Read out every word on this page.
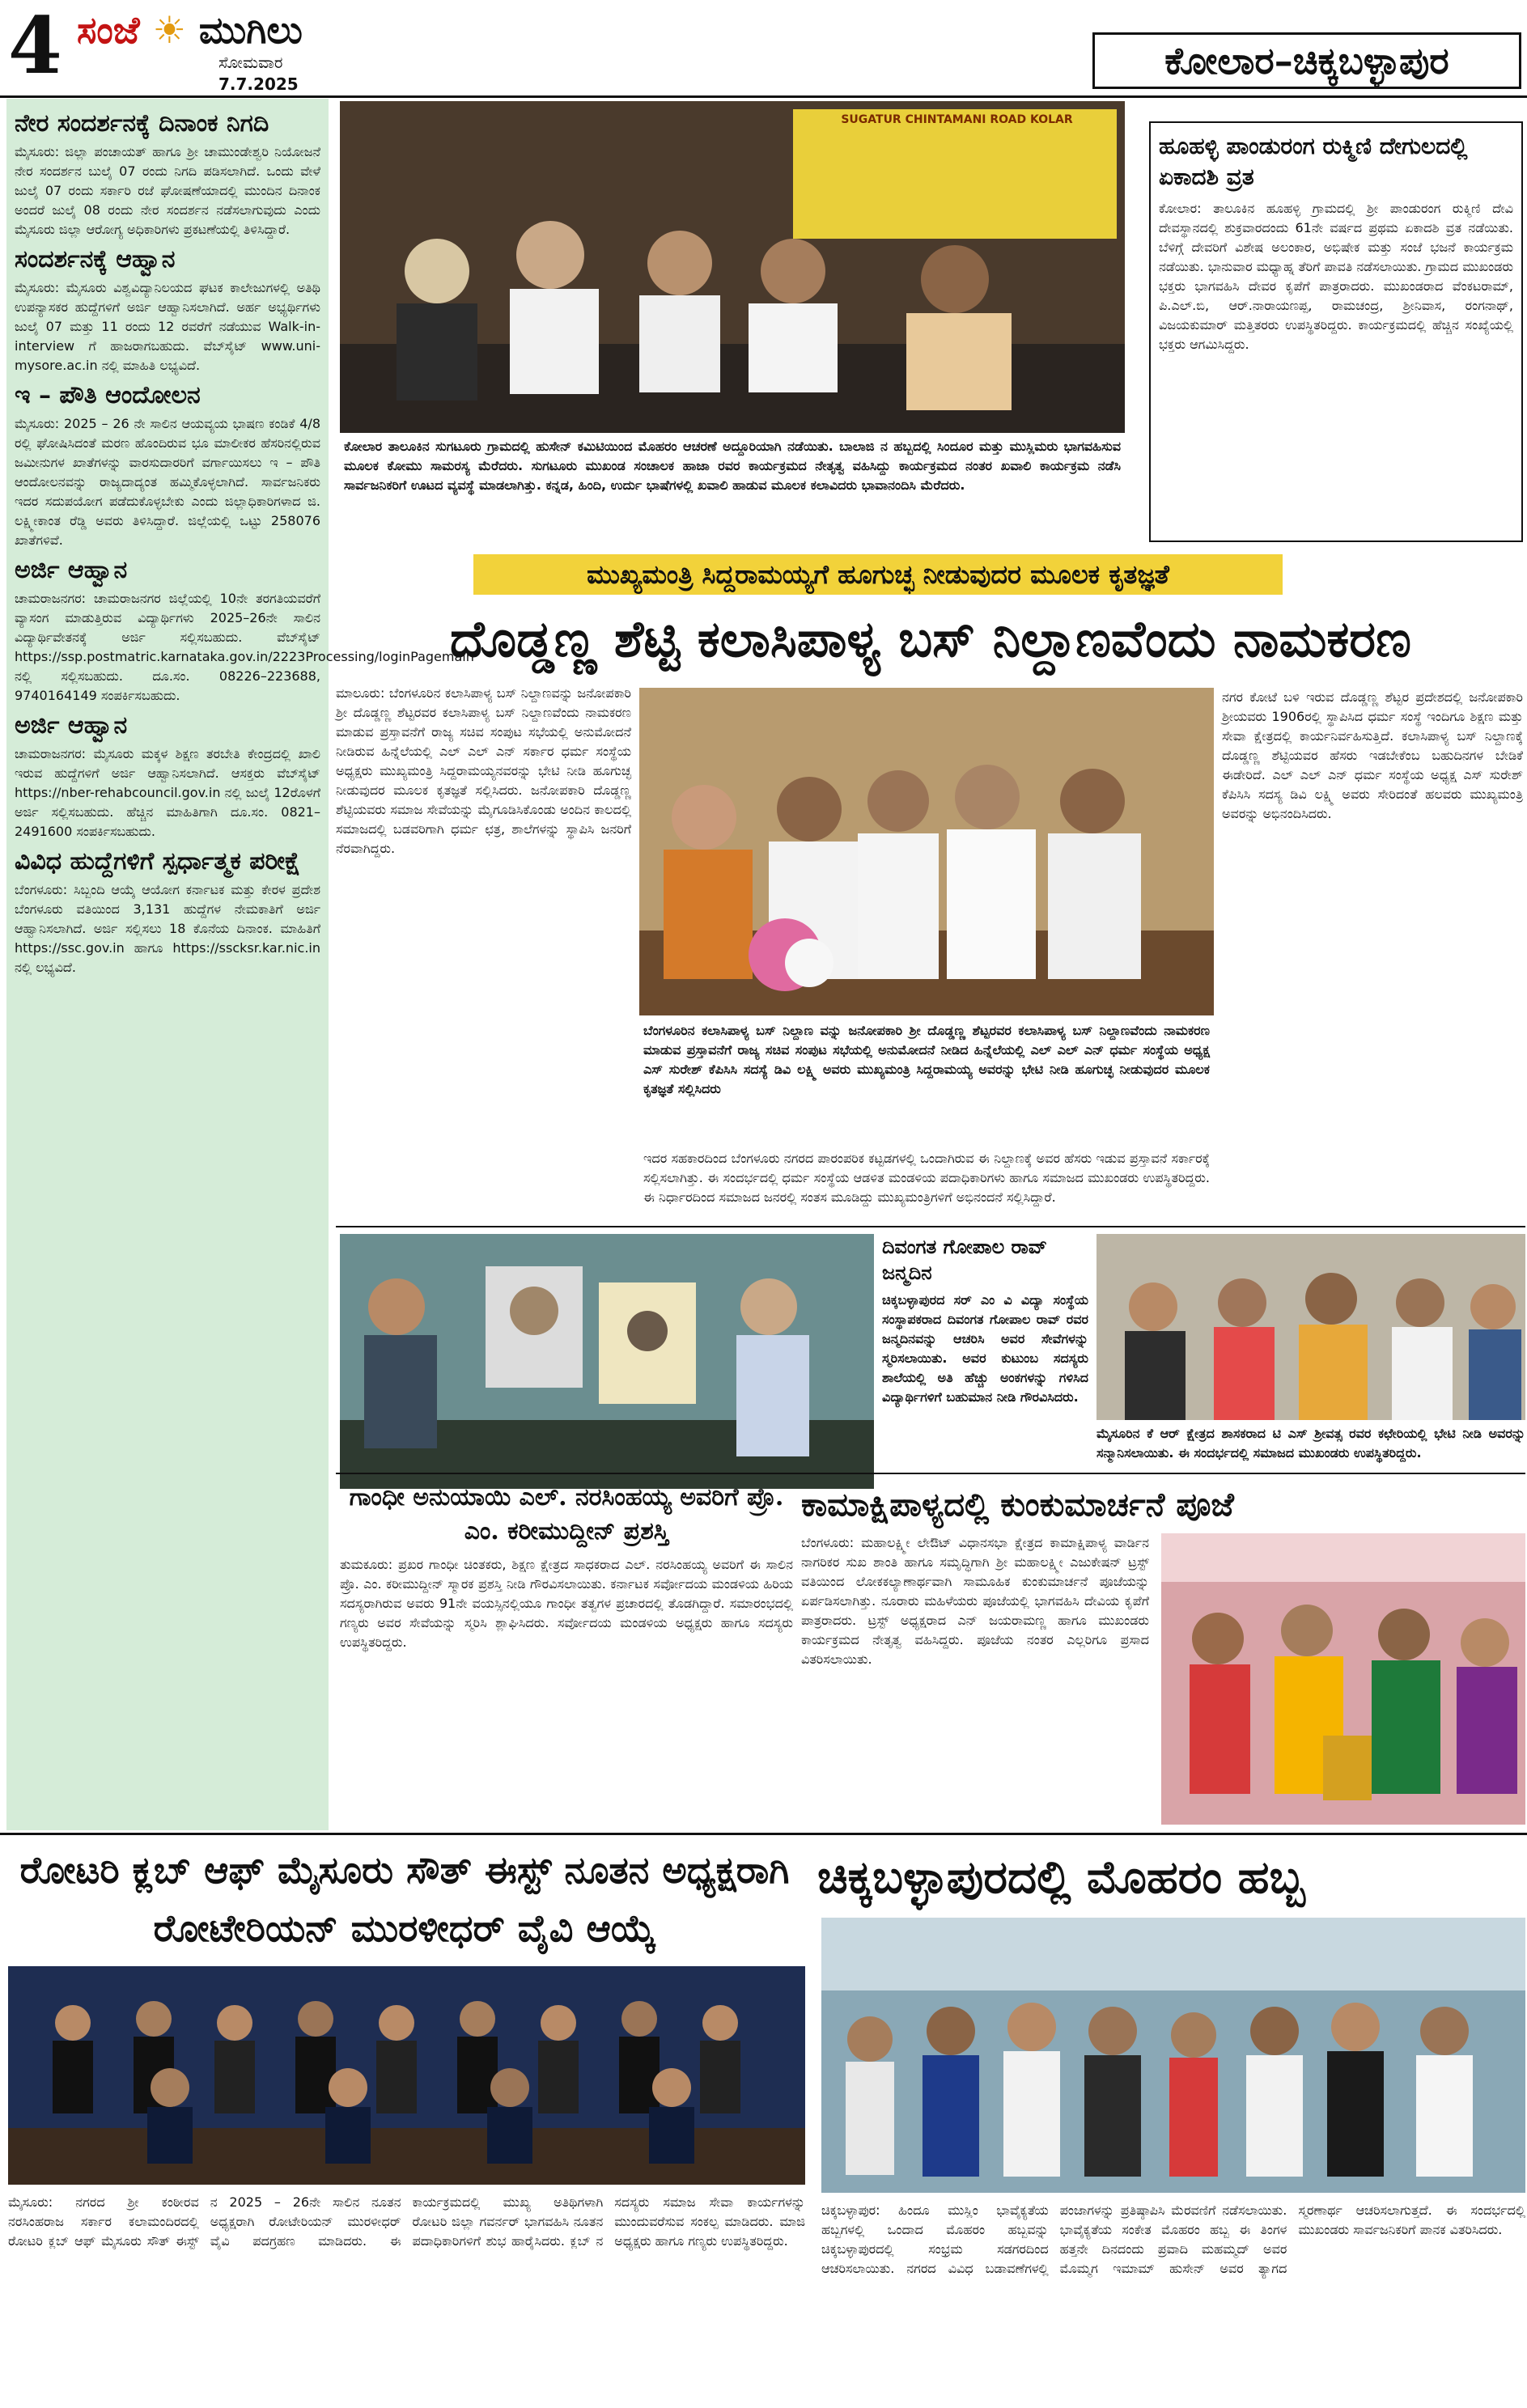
4 ಸಂಜೆ ☀ ಮುಗಿಲು
ಸೋಮವಾರ
7.7.2025
ಕೋಲಾರ–ಚಿಕ್ಕಬಳ್ಳಾಪುರ
ನೇರ ಸಂದರ್ಶನಕ್ಕೆ ದಿನಾಂಕ ನಿಗದಿ

ಮೈಸೂರು: ಜಿಲ್ಲಾ ಪಂಚಾಯತ್ ಹಾಗೂ ಶ್ರೀ ಚಾಮುಂಡೇಶ್ವರಿ ನಿಯೋಜನೆ ನೇರ ಸಂದರ್ಶನ ಬುಲೈ 07 ರಂದು ನಿಗದಿ ಪಡಿಸಲಾಗಿದೆ. ಒಂದು ವೇಳೆ ಜುಲೈ 07 ರಂದು ಸರ್ಕಾರಿ ರಜೆ ಘೋಷಣೆಯಾದಲ್ಲಿ ಮುಂದಿನ ದಿನಾಂಕ ಅಂದರೆ ಜುಲೈ 08 ರಂದು ನೇರ ಸಂದರ್ಶನ ನಡೆಸಲಾಗುವುದು ಎಂದು ಮೈಸೂರು ಜಿಲ್ಲಾ ಆರೋಗ್ಯ ಅಧಿಕಾರಿಗಳು ಪ್ರಕಟಣೆಯಲ್ಲಿ ತಿಳಿಸಿದ್ದಾರೆ.

ಸಂದರ್ಶನಕ್ಕೆ ಆಹ್ವಾನ

ಮೈಸೂರು: ಮೈಸೂರು ವಿಶ್ವವಿದ್ಯಾನಿಲಯದ ಘಟಕ ಕಾಲೇಜುಗಳಲ್ಲಿ ಅತಿಥಿ ಉಪನ್ಯಾಸಕರ ಹುದ್ದೆಗಳಿಗೆ ಅರ್ಜಿ ಆಹ್ವಾನಿಸಲಾಗಿದೆ. ಅರ್ಹ ಅಭ್ಯರ್ಥಿಗಳು ಜುಲೈ 07 ಮತ್ತು 11 ರಂದು 12 ರವರೆಗೆ ನಡೆಯುವ Walk-in-interview ಗೆ ಹಾಜರಾಗಬಹುದು. ವೆಬ್‍ಸೈಟ್ www.uni-mysore.ac.in ನಲ್ಲಿ ಮಾಹಿತಿ ಲಭ್ಯವಿದೆ.

ಇ – ಪೌತಿ ಆಂದೋಲನ

ಮೈಸೂರು: 2025 – 26 ನೇ ಸಾಲಿನ ಆಯವ್ಯಯ ಭಾಷಣ ಕಂಡಿಕೆ 4/8 ರಲ್ಲಿ ಘೋಷಿಸಿದಂತೆ ಮರಣ ಹೊಂದಿರುವ ಭೂ ಮಾಲೀಕರ ಹೆಸರಿನಲ್ಲಿರುವ ಜಮೀನುಗಳ ಖಾತೆಗಳನ್ನು ವಾರಸುದಾರರಿಗೆ ವರ್ಗಾಯಿಸಲು ಇ – ಪೌತಿ ಆಂದೋಲನವನ್ನು ರಾಜ್ಯದಾದ್ಯಂತ ಹಮ್ಮಿಕೊಳ್ಳಲಾಗಿದೆ. ಸಾರ್ವಜನಿಕರು ಇದರ ಸದುಪಯೋಗ ಪಡೆದುಕೊಳ್ಳಬೇಕು ಎಂದು ಜಿಲ್ಲಾಧಿಕಾರಿಗಳಾದ ಜಿ. ಲಕ್ಷ್ಮೀಕಾಂತ ರೆಡ್ಡಿ ಅವರು ತಿಳಿಸಿದ್ದಾರೆ. ಜಿಲ್ಲೆಯಲ್ಲಿ ಒಟ್ಟು 258076 ಖಾತೆಗಳಿವೆ.

ಅರ್ಜಿ ಆಹ್ವಾನ

ಚಾಮರಾಜನಗರ: ಚಾಮರಾಜನಗರ ಜಿಲ್ಲೆಯಲ್ಲಿ 10ನೇ ತರಗತಿಯವರೆಗೆ ವ್ಯಾಸಂಗ ಮಾಡುತ್ತಿರುವ ವಿದ್ಯಾರ್ಥಿಗಳು 2025–26ನೇ ಸಾಲಿನ ವಿದ್ಯಾರ್ಥಿವೇತನಕ್ಕೆ ಅರ್ಜಿ ಸಲ್ಲಿಸಬಹುದು. ವೆಬ್‍ಸೈಟ್ https://ssp.postmatric.karnataka.gov.in/2223Processing/loginPagemain ನಲ್ಲಿ ಸಲ್ಲಿಸಬಹುದು. ದೂ.ಸಂ. 08226–223688, 9740164149 ಸಂಪರ್ಕಿಸಬಹುದು.

ಅರ್ಜಿ ಆಹ್ವಾನ

ಚಾಮರಾಜನಗರ: ಮೈಸೂರು ಮಕ್ಕಳ ಶಿಕ್ಷಣ ತರಬೇತಿ ಕೇಂದ್ರದಲ್ಲಿ ಖಾಲಿ ಇರುವ ಹುದ್ದೆಗಳಿಗೆ ಅರ್ಜಿ ಆಹ್ವಾನಿಸಲಾಗಿದೆ. ಆಸಕ್ತರು ವೆಬ್‍ಸೈಟ್ https://nber-rehabcouncil.gov.in ನಲ್ಲಿ ಜುಲೈ 12ರೊಳಗೆ ಅರ್ಜಿ ಸಲ್ಲಿಸಬಹುದು. ಹೆಚ್ಚಿನ ಮಾಹಿತಿಗಾಗಿ ದೂ.ಸಂ. 0821–2491600 ಸಂಪರ್ಕಿಸಬಹುದು.

ವಿವಿಧ ಹುದ್ದೆಗಳಿಗೆ ಸ್ಪರ್ಧಾತ್ಮಕ ಪರೀಕ್ಷೆ

ಬೆಂಗಳೂರು: ಸಿಬ್ಬಂದಿ ಆಯ್ಕೆ ಆಯೋಗ ಕರ್ನಾಟಕ ಮತ್ತು ಕೇರಳ ಪ್ರದೇಶ ಬೆಂಗಳೂರು ವತಿಯಿಂದ 3,131 ಹುದ್ದೆಗಳ ನೇಮಕಾತಿಗೆ ಅರ್ಜಿ ಆಹ್ವಾನಿಸಲಾಗಿದೆ. ಅರ್ಜಿ ಸಲ್ಲಿಸಲು 18 ಕೊನೆಯ ದಿನಾಂಕ. ಮಾಹಿತಿಗೆ https://ssc.gov.in ಹಾಗೂ https://sscksr.kar.nic.in ನಲ್ಲಿ ಲಭ್ಯವಿದೆ.

SUGATUR CHINTAMANI ROAD KOLAR
ಕೋಲಾರ ತಾಲೂಕಿನ ಸುಗಟೂರು ಗ್ರಾಮದಲ್ಲಿ ಹುಸೇನ್ ಕಮಿಟಿಯಿಂದ ಮೊಹರಂ ಆಚರಣೆ ಅದ್ದೂರಿಯಾಗಿ ನಡೆಯಿತು. ಬಾಲಾಜಿ ನ ಹಬ್ಬದಲ್ಲಿ ಸಿಂದೂರ ಮತ್ತು ಮುಸ್ಲಿಮರು ಭಾಗವಹಿಸುವ ಮೂಲಕ ಕೋಮು ಸಾಮರಸ್ಯ ಮೆರೆದರು. ಸುಗಟೂರು ಮುಖಂಡ ಸಂಚಾಲಕ ಹಾಜಾ ರವರ ಕಾರ್ಯಕ್ರಮದ ನೇತೃತ್ವ ವಹಿಸಿದ್ದು ಕಾರ್ಯಕ್ರಮದ ನಂತರ ಖವಾಲಿ ಕಾರ್ಯಕ್ರಮ ನಡೆಸಿ ಸಾರ್ವಜನಿಕರಿಗೆ ಊಟದ ವ್ಯವಸ್ಥೆ ಮಾಡಲಾಗಿತ್ತು. ಕನ್ನಡ, ಹಿಂದಿ, ಉರ್ದು ಭಾಷೆಗಳಲ್ಲಿ ಖವಾಲಿ ಹಾಡುವ ಮೂಲಕ ಕಲಾವಿದರು ಭಾವಾನಂದಿಸಿ ಮೆರೆದರು.
ಹೂಹಳ್ಳಿ ಪಾಂಡುರಂಗ ರುಕ್ಮಿಣಿ ದೇಗುಲದಲ್ಲಿ ಏಕಾದಶಿ ವ್ರತ
ಕೋಲಾರ: ತಾಲೂಕಿನ ಹೂಹಳ್ಳಿ ಗ್ರಾಮದಲ್ಲಿ ಶ್ರೀ ಪಾಂಡುರಂಗ ರುಕ್ಮಿಣಿ ದೇವಿ ದೇವಸ್ಥಾನದಲ್ಲಿ ಶುಕ್ರವಾರದಂದು 61ನೇ ವರ್ಷದ ಪ್ರಥಮ ಏಕಾದಶಿ ವ್ರತ ನಡೆಯಿತು. ಬೆಳಿಗ್ಗೆ ದೇವರಿಗೆ ವಿಶೇಷ ಅಲಂಕಾರ, ಅಭಿಷೇಕ ಮತ್ತು ಸಂಜೆ ಭಜನೆ ಕಾರ್ಯಕ್ರಮ ನಡೆಯಿತು. ಭಾನುವಾರ ಮಧ್ಯಾಹ್ನ ತೆರಿಗೆ ಪಾವತಿ ನಡೆಸಲಾಯಿತು. ಗ್ರಾಮದ ಮುಖಂಡರು ಭಕ್ತರು ಭಾಗವಹಿಸಿ ದೇವರ ಕೃಪೆಗೆ ಪಾತ್ರರಾದರು. ಮುಖಂಡರಾದ ವೆಂಕಟರಾಮ್, ಪಿ.ಎಲ್.ಬಿ, ಆರ್.ನಾರಾಯಣಪ್ಪ, ರಾಮಚಂದ್ರ, ಶ್ರೀನಿವಾಸ, ರಂಗನಾಥ್, ವಿಜಯಕುಮಾರ್ ಮತ್ತಿತರರು ಉಪಸ್ಥಿತರಿದ್ದರು. ಕಾರ್ಯಕ್ರಮದಲ್ಲಿ ಹೆಚ್ಚಿನ ಸಂಖ್ಯೆಯಲ್ಲಿ ಭಕ್ತರು ಆಗಮಿಸಿದ್ದರು.
ಮುಖ್ಯಮಂತ್ರಿ ಸಿದ್ದರಾಮಯ್ಯಗೆ ಹೂಗುಚ್ಛ ನೀಡುವುದರ ಮೂಲಕ ಕೃತಜ್ಞತೆ
ದೊಡ್ಡಣ್ಣ ಶೆಟ್ಟಿ ಕಲಾಸಿಪಾಳ್ಯ ಬಸ್ ನಿಲ್ದಾಣವೆಂದು ನಾಮಕರಣ
ಮಾಲೂರು: ಬೆಂಗಳೂರಿನ ಕಲಾಸಿಪಾಳ್ಯ ಬಸ್ ನಿಲ್ದಾಣವನ್ನು ಜನೋಪಕಾರಿ ಶ್ರೀ ದೊಡ್ಡಣ್ಣ ಶೆಟ್ಟರವರ ಕಲಾಸಿಪಾಳ್ಯ ಬಸ್ ನಿಲ್ದಾಣವೆಂದು ನಾಮಕರಣ ಮಾಡುವ ಪ್ರಸ್ತಾವನೆಗೆ ರಾಜ್ಯ ಸಚಿವ ಸಂಪುಟ ಸಭೆಯಲ್ಲಿ ಅನುಮೋದನೆ ನೀಡಿರುವ ಹಿನ್ನೆಲೆಯಲ್ಲಿ ಎಲ್ ಎಲ್ ಎನ್ ಸರ್ಕಾರ ಧರ್ಮ ಸಂಸ್ಥೆಯ ಅಧ್ಯಕ್ಷರು ಮುಖ್ಯಮಂತ್ರಿ ಸಿದ್ದರಾಮಯ್ಯನವರನ್ನು ಭೇಟಿ ನೀಡಿ ಹೂಗುಚ್ಛ ನೀಡುವುದರ ಮೂಲಕ ಕೃತಜ್ಞತೆ ಸಲ್ಲಿಸಿದರು. ಜನೋಪಕಾರಿ ದೊಡ್ಡಣ್ಣ ಶೆಟ್ಟಿಯವರು ಸಮಾಜ ಸೇವೆಯನ್ನು ಮೈಗೂಡಿಸಿಕೊಂಡು ಅಂದಿನ ಕಾಲದಲ್ಲಿ ಸಮಾಜದಲ್ಲಿ ಬಡವರಿಗಾಗಿ ಧರ್ಮ ಛತ್ರ, ಶಾಲೆಗಳನ್ನು ಸ್ಥಾಪಿಸಿ ಜನರಿಗೆ ನೆರವಾಗಿದ್ದರು.
ನಗರ ಕೋಟೆ ಬಳಿ ಇರುವ ದೊಡ್ಡಣ್ಣ ಶೆಟ್ಟರ ಪ್ರದೇಶದಲ್ಲಿ ಜನೋಪಕಾರಿ ಶ್ರೀಯವರು 1906ರಲ್ಲಿ ಸ್ಥಾಪಿಸಿದ ಧರ್ಮ ಸಂಸ್ಥೆ ಇಂದಿಗೂ ಶಿಕ್ಷಣ ಮತ್ತು ಸೇವಾ ಕ್ಷೇತ್ರದಲ್ಲಿ ಕಾರ್ಯನಿರ್ವಹಿಸುತ್ತಿದೆ. ಕಲಾಸಿಪಾಳ್ಯ ಬಸ್ ನಿಲ್ದಾಣಕ್ಕೆ ದೊಡ್ಡಣ್ಣ ಶೆಟ್ಟಿಯವರ ಹೆಸರು ಇಡಬೇಕೆಂಬ ಬಹುದಿನಗಳ ಬೇಡಿಕೆ ಈಡೇರಿದೆ. ಎಲ್ ಎಲ್ ಎನ್ ಧರ್ಮ ಸಂಸ್ಥೆಯ ಅಧ್ಯಕ್ಷ ಎಸ್ ಸುರೇಶ್ ಕೆಪಿಸಿಸಿ ಸದಸ್ಯ ಡಿವಿ ಲಕ್ಷ್ಮಿ ಅವರು ಸೇರಿದಂತೆ ಹಲವರು ಮುಖ್ಯಮಂತ್ರಿ ಅವರನ್ನು ಅಭಿನಂದಿಸಿದರು.
ಬೆಂಗಳೂರಿನ ಕಲಾಸಿಪಾಳ್ಯ ಬಸ್ ನಿಲ್ದಾಣ ವನ್ನು ಜನೋಪಕಾರಿ ಶ್ರೀ ದೊಡ್ಡಣ್ಣ ಶೆಟ್ಟರವರ ಕಲಾಸಿಪಾಳ್ಯ ಬಸ್ ನಿಲ್ದಾಣವೆಂದು ನಾಮಕರಣ ಮಾಡುವ ಪ್ರಸ್ತಾವನೆಗೆ ರಾಜ್ಯ ಸಚಿವ ಸಂಪುಟ ಸಭೆಯಲ್ಲಿ ಅನುಮೋದನೆ ನೀಡಿದ ಹಿನ್ನೆಲೆಯಲ್ಲಿ ಎಲ್ ಎಲ್ ಎನ್ ಧರ್ಮ ಸಂಸ್ಥೆಯ ಅಧ್ಯಕ್ಷ ಎಸ್ ಸುರೇಶ್ ಕೆಪಿಸಿಸಿ ಸದಸ್ಯೆ ಡಿವಿ ಲಕ್ಷ್ಮಿ ಅವರು ಮುಖ್ಯಮಂತ್ರಿ ಸಿದ್ದರಾಮಯ್ಯ ಅವರನ್ನು ಭೇಟಿ ನೀಡಿ ಹೂಗುಚ್ಛ ನೀಡುವುದರ ಮೂಲಕ ಕೃತಜ್ಞತೆ ಸಲ್ಲಿಸಿದರು
ಇದರ ಸಹಕಾರದಿಂದ ಬೆಂಗಳೂರು ನಗರದ ಪಾರಂಪರಿಕ ಕಟ್ಟಡಗಳಲ್ಲಿ ಒಂದಾಗಿರುವ ಈ ನಿಲ್ದಾಣಕ್ಕೆ ಅವರ ಹೆಸರು ಇಡುವ ಪ್ರಸ್ತಾವನೆ ಸರ್ಕಾರಕ್ಕೆ ಸಲ್ಲಿಸಲಾಗಿತ್ತು. ಈ ಸಂದರ್ಭದಲ್ಲಿ ಧರ್ಮ ಸಂಸ್ಥೆಯ ಆಡಳಿತ ಮಂಡಳಿಯ ಪದಾಧಿಕಾರಿಗಳು ಹಾಗೂ ಸಮಾಜದ ಮುಖಂಡರು ಉಪಸ್ಥಿತರಿದ್ದರು. ಈ ನಿರ್ಧಾರದಿಂದ ಸಮಾಜದ ಜನರಲ್ಲಿ ಸಂತಸ ಮೂಡಿದ್ದು ಮುಖ್ಯಮಂತ್ರಿಗಳಿಗೆ ಅಭಿನಂದನೆ ಸಲ್ಲಿಸಿದ್ದಾರೆ.
ದಿವಂಗತ ಗೋಪಾಲ ರಾವ್ ಜನ್ಮದಿನ
ಚಿಕ್ಕಬಳ್ಳಾಪುರದ ಸರ್ ಎಂ ವಿ ವಿದ್ಯಾ ಸಂಸ್ಥೆಯ ಸಂಸ್ಥಾಪಕರಾದ ದಿವಂಗತ ಗೋಪಾಲ ರಾವ್ ರವರ ಜನ್ಮದಿನವನ್ನು ಆಚರಿಸಿ ಅವರ ಸೇವೆಗಳನ್ನು ಸ್ಮರಿಸಲಾಯಿತು. ಅವರ ಕುಟುಂಬ ಸದಸ್ಯರು ಶಾಲೆಯಲ್ಲಿ ಅತಿ ಹೆಚ್ಚು ಅಂಕಗಳನ್ನು ಗಳಿಸಿದ ವಿದ್ಯಾರ್ಥಿಗಳಿಗೆ ಬಹುಮಾನ ನೀಡಿ ಗೌರವಿಸಿದರು.
ಮೈಸೂರಿನ ಕೆ ಆರ್ ಕ್ಷೇತ್ರದ ಶಾಸಕರಾದ ಟಿ ಎಸ್ ಶ್ರೀವತ್ಸ ರವರ ಕಛೇರಿಯಲ್ಲಿ ಭೇಟಿ ನೀಡಿ ಅವರನ್ನು ಸನ್ಮಾನಿಸಲಾಯಿತು. ಈ ಸಂದರ್ಭದಲ್ಲಿ ಸಮಾಜದ ಮುಖಂಡರು ಉಪಸ್ಥಿತರಿದ್ದರು.
ಗಾಂಧೀ ಅನುಯಾಯಿ ಎಲ್. ನರಸಿಂಹಯ್ಯ ಅವರಿಗೆ ಪ್ರೊ. ಎಂ. ಕರೀಮುದ್ದೀನ್ ಪ್ರಶಸ್ತಿ
ತುಮಕೂರು: ಪ್ರಖರ ಗಾಂಧೀ ಚಿಂತಕರು, ಶಿಕ್ಷಣ ಕ್ಷೇತ್ರದ ಸಾಧಕರಾದ ಎಲ್. ನರಸಿಂಹಯ್ಯ ಅವರಿಗೆ ಈ ಸಾಲಿನ ಪ್ರೊ. ಎಂ. ಕರೀಮುದ್ದೀನ್ ಸ್ಮಾರಕ ಪ್ರಶಸ್ತಿ ನೀಡಿ ಗೌರವಿಸಲಾಯಿತು. ಕರ್ನಾಟಕ ಸರ್ವೋದಯ ಮಂಡಳಿಯ ಹಿರಿಯ ಸದಸ್ಯರಾಗಿರುವ ಅವರು 91ನೇ ವಯಸ್ಸಿನಲ್ಲಿಯೂ ಗಾಂಧೀ ತತ್ವಗಳ ಪ್ರಚಾರದಲ್ಲಿ ತೊಡಗಿದ್ದಾರೆ. ಸಮಾರಂಭದಲ್ಲಿ ಗಣ್ಯರು ಅವರ ಸೇವೆಯನ್ನು ಸ್ಮರಿಸಿ ಶ್ಲಾಘಿಸಿದರು. ಸರ್ವೋದಯ ಮಂಡಳಿಯ ಅಧ್ಯಕ್ಷರು ಹಾಗೂ ಸದಸ್ಯರು ಉಪಸ್ಥಿತರಿದ್ದರು.
ಕಾಮಾಕ್ಷಿಪಾಳ್ಯದಲ್ಲಿ ಕುಂಕುಮಾರ್ಚನೆ ಪೂಜೆ
ಬೆಂಗಳೂರು: ಮಹಾಲಕ್ಷ್ಮೀ ಲೇಔಟ್ ವಿಧಾನಸಭಾ ಕ್ಷೇತ್ರದ ಕಾಮಾಕ್ಷಿಪಾಳ್ಯ ವಾರ್ಡಿನ ನಾಗರಿಕರ ಸುಖ ಶಾಂತಿ ಹಾಗೂ ಸಮೃದ್ಧಿಗಾಗಿ ಶ್ರೀ ಮಹಾಲಕ್ಷ್ಮೀ ಎಜುಕೇಷನ್ ಟ್ರಸ್ಟ್ ವತಿಯಿಂದ ಲೋಕಕಲ್ಯಾಣಾರ್ಥವಾಗಿ ಸಾಮೂಹಿಕ ಕುಂಕುಮಾರ್ಚನೆ ಪೂಜೆಯನ್ನು ಏರ್ಪಡಿಸಲಾಗಿತ್ತು. ನೂರಾರು ಮಹಿಳೆಯರು ಪೂಜೆಯಲ್ಲಿ ಭಾಗವಹಿಸಿ ದೇವಿಯ ಕೃಪೆಗೆ ಪಾತ್ರರಾದರು. ಟ್ರಸ್ಟ್ ಅಧ್ಯಕ್ಷರಾದ ಎನ್ ಜಯರಾಮಣ್ಣ ಹಾಗೂ ಮುಖಂಡರು ಕಾರ್ಯಕ್ರಮದ ನೇತೃತ್ವ ವಹಿಸಿದ್ದರು. ಪೂಜೆಯ ನಂತರ ಎಲ್ಲರಿಗೂ ಪ್ರಸಾದ ವಿತರಿಸಲಾಯಿತು.
ರೋಟರಿ ಕ್ಲಬ್ ಆಫ್ ಮೈಸೂರು ಸೌತ್ ಈಸ್ಟ್ ನೂತನ ಅಧ್ಯಕ್ಷರಾಗಿ ರೋಟೇರಿಯನ್ ಮುರಳೀಧರ್ ವೈವಿ ಆಯ್ಕೆ
ಮೈಸೂರು: ನಗರದ ಶ್ರೀ ಕಂಠೀರವ ನರಸಿಂಹರಾಜ ಸರ್ಕಾರ ಕಲಾಮಂದಿರದಲ್ಲಿ ರೋಟರಿ ಕ್ಲಬ್ ಆಫ್ ಮೈಸೂರು ಸೌತ್ ಈಸ್ಟ್ ನ 2025 – 26ನೇ ಸಾಲಿನ ನೂತನ ಅಧ್ಯಕ್ಷರಾಗಿ ರೋಟೇರಿಯನ್ ಮುರಳೀಧರ್ ವೈವಿ ಪದಗ್ರಹಣ ಮಾಡಿದರು. ಈ ಕಾರ್ಯಕ್ರಮದಲ್ಲಿ ಮುಖ್ಯ ಅತಿಥಿಗಳಾಗಿ ರೋಟರಿ ಜಿಲ್ಲಾ ಗವರ್ನರ್ ಭಾಗವಹಿಸಿ ನೂತನ ಪದಾಧಿಕಾರಿಗಳಿಗೆ ಶುಭ ಹಾರೈಸಿದರು. ಕ್ಲಬ್ ನ ಸದಸ್ಯರು ಸಮಾಜ ಸೇವಾ ಕಾರ್ಯಗಳನ್ನು ಮುಂದುವರೆಸುವ ಸಂಕಲ್ಪ ಮಾಡಿದರು. ಮಾಜಿ ಅಧ್ಯಕ್ಷರು ಹಾಗೂ ಗಣ್ಯರು ಉಪಸ್ಥಿತರಿದ್ದರು.
ಚಿಕ್ಕಬಳ್ಳಾಪುರದಲ್ಲಿ ಮೊಹರಂ ಹಬ್ಬ
ಚಿಕ್ಕಬಳ್ಳಾಪುರ: ಹಿಂದೂ ಮುಸ್ಲಿಂ ಭಾವೈಕ್ಯತೆಯ ಹಬ್ಬಗಳಲ್ಲಿ ಒಂದಾದ ಮೊಹರಂ ಹಬ್ಬವನ್ನು ಚಿಕ್ಕಬಳ್ಳಾಪುರದಲ್ಲಿ ಸಂಭ್ರಮ ಸಡಗರದಿಂದ ಆಚರಿಸಲಾಯಿತು. ನಗರದ ವಿವಿಧ ಬಡಾವಣೆಗಳಲ್ಲಿ ಪಂಜಾಗಳನ್ನು ಪ್ರತಿಷ್ಠಾಪಿಸಿ ಮೆರವಣಿಗೆ ನಡೆಸಲಾಯಿತು. ಭಾವೈಕ್ಯತೆಯ ಸಂಕೇತ ಮೊಹರಂ ಹಬ್ಬ ಈ ತಿಂಗಳ ಹತ್ತನೇ ದಿನದಂದು ಪ್ರವಾದಿ ಮಹಮ್ಮದ್ ಅವರ ಮೊಮ್ಮಗ ಇಮಾಮ್ ಹುಸೇನ್ ಅವರ ತ್ಯಾಗದ ಸ್ಮರಣಾರ್ಥ ಆಚರಿಸಲಾಗುತ್ತದೆ. ಈ ಸಂದರ್ಭದಲ್ಲಿ ಮುಖಂಡರು ಸಾರ್ವಜನಿಕರಿಗೆ ಪಾನಕ ವಿತರಿಸಿದರು.
